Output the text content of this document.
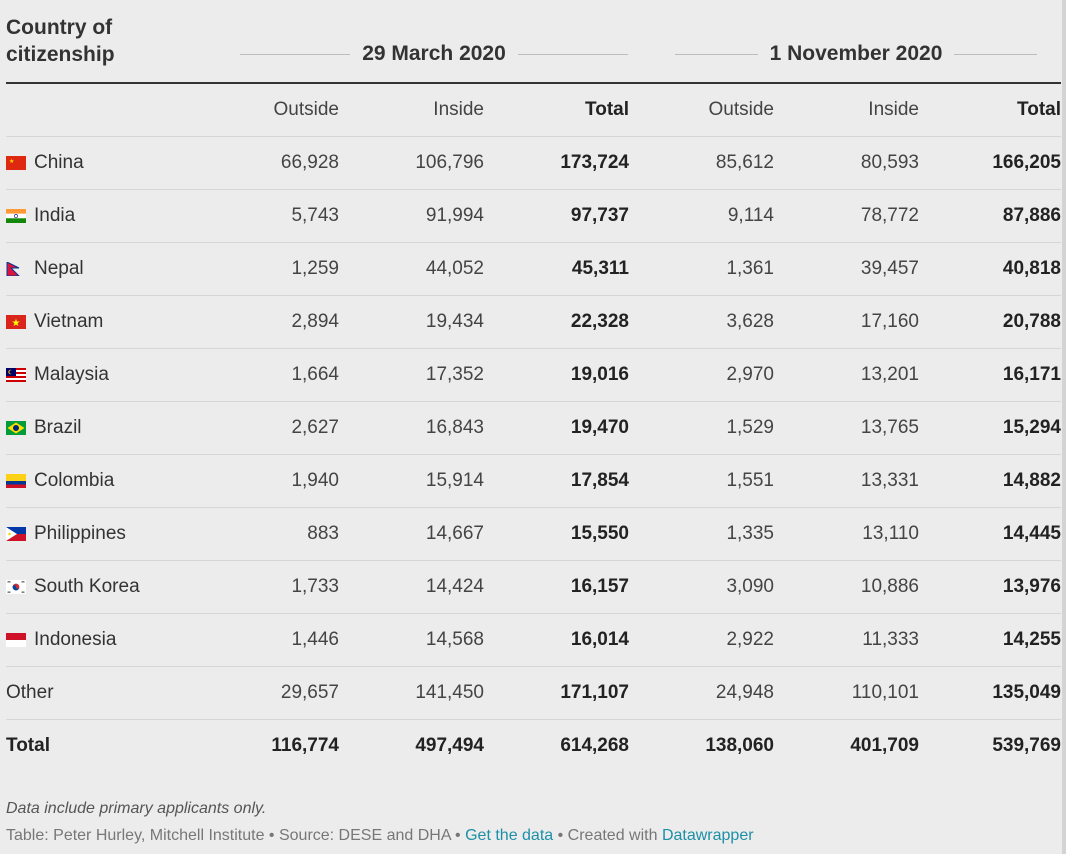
Country of citizenship	29 March 2020	1 November 2020
Outside	Inside	Total	Outside	Inside	Total
★ China	66,928	106,796	173,724	85,612	80,593	166,205
India	5,743	91,994	97,737	9,114	78,772	87,886
Nepal	1,259	44,052	45,311	1,361	39,457	40,818
★ Vietnam	2,894	19,434	22,328	3,628	17,160	20,788
Malaysia	1,664	17,352	19,016	2,970	13,201	16,171
Brazil	2,627	16,843	19,470	1,529	13,765	15,294
Colombia	1,940	15,914	17,854	1,551	13,331	14,882
Philippines	883	14,667	15,550	1,335	13,110	14,445
South Korea	1,733	14,424	16,157	3,090	10,886	13,976
Indonesia	1,446	14,568	16,014	2,922	11,333	14,255
Other	29,657	141,450	171,107	24,948	110,101	135,049
Total	116,774	497,494	614,268	138,060	401,709	539,769
Data include primary applicants only.
Table: Peter Hurley, Mitchell Institute • Source: DESE and DHA • Get the data • Created with Datawrapper
